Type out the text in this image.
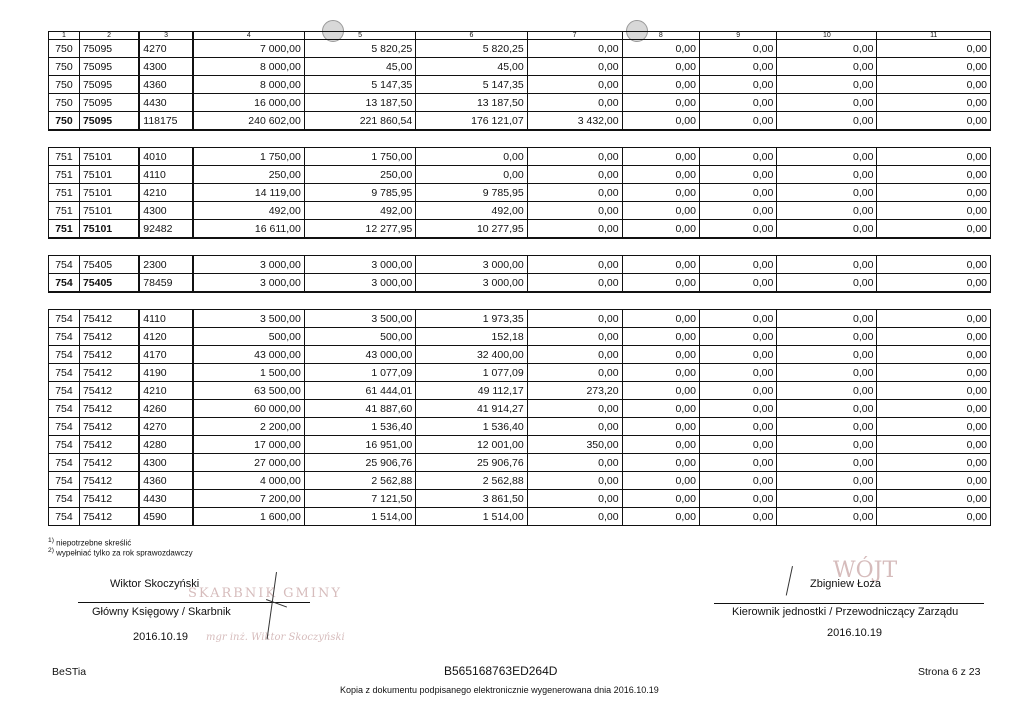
1	2	3	4	5	6	7	8	9	10	11
750	75095	4270	7 000,00	5 820,25	5 820,25	0,00	0,00	0,00	0,00	0,00
750	75095	4300	8 000,00	45,00	45,00	0,00	0,00	0,00	0,00	0,00
750	75095	4360	8 000,00	5 147,35	5 147,35	0,00	0,00	0,00	0,00	0,00
750	75095	4430	16 000,00	13 187,50	13 187,50	0,00	0,00	0,00	0,00	0,00
750	75095	118175	240 602,00	221 860,54	176 121,07	3 432,00	0,00	0,00	0,00	0,00

751	75101	4010	1 750,00	1 750,00	0,00	0,00	0,00	0,00	0,00	0,00
751	75101	4110	250,00	250,00	0,00	0,00	0,00	0,00	0,00	0,00
751	75101	4210	14 119,00	9 785,95	9 785,95	0,00	0,00	0,00	0,00	0,00
751	75101	4300	492,00	492,00	492,00	0,00	0,00	0,00	0,00	0,00
751	75101	92482	16 611,00	12 277,95	10 277,95	0,00	0,00	0,00	0,00	0,00

754	75405	2300	3 000,00	3 000,00	3 000,00	0,00	0,00	0,00	0,00	0,00
754	75405	78459	3 000,00	3 000,00	3 000,00	0,00	0,00	0,00	0,00	0,00

754	75412	4110	3 500,00	3 500,00	1 973,35	0,00	0,00	0,00	0,00	0,00
754	75412	4120	500,00	500,00	152,18	0,00	0,00	0,00	0,00	0,00
754	75412	4170	43 000,00	43 000,00	32 400,00	0,00	0,00	0,00	0,00	0,00
754	75412	4190	1 500,00	1 077,09	1 077,09	0,00	0,00	0,00	0,00	0,00
754	75412	4210	63 500,00	61 444,01	49 112,17	273,20	0,00	0,00	0,00	0,00
754	75412	4260	60 000,00	41 887,60	41 914,27	0,00	0,00	0,00	0,00	0,00
754	75412	4270	2 200,00	1 536,40	1 536,40	0,00	0,00	0,00	0,00	0,00
754	75412	4280	17 000,00	16 951,00	12 001,00	350,00	0,00	0,00	0,00	0,00
754	75412	4300	27 000,00	25 906,76	25 906,76	0,00	0,00	0,00	0,00	0,00
754	75412	4360	4 000,00	2 562,88	2 562,88	0,00	0,00	0,00	0,00	0,00
754	75412	4430	7 200,00	7 121,50	3 861,50	0,00	0,00	0,00	0,00	0,00
754	75412	4590	1 600,00	1 514,00	1 514,00	0,00	0,00	0,00	0,00	0,00
$^{1)}$ niepotrzebne skreślić
$^{2)}$ wypełniać tylko za rok sprawozdawczy
SKARBNIK GMINY
mgr inż. Wiktor Skoczyński
Wiktor Skoczyński
Główny Księgowy / Skarbnik
2016.10.19
WÓJT
Zbigniew Łoza
Kierownik jednostki / Przewodniczący Zarządu
2016.10.19
BeSTia	B565168763ED264D	Strona 6 z 23
Kopia z dokumentu podpisanego elektronicznie wygenerowana dnia 2016.10.19
